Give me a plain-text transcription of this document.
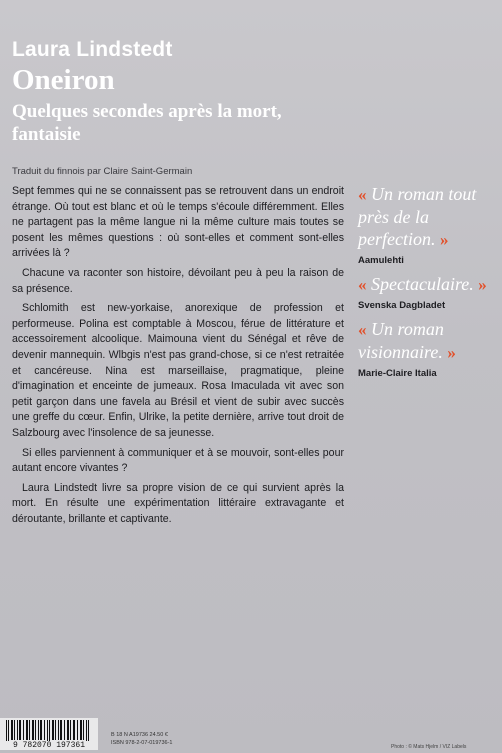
Laura Lindstedt
Oneiron
Quelques secondes après la mort, fantaisie
Traduit du finnois par Claire Saint-Germain

Sept femmes qui ne se connaissent pas se retrouvent dans un endroit étrange. Où tout est blanc et où le temps s'écoule différemment. Elles ne partagent pas la même langue ni la même culture mais toutes se posent les mêmes questions : où sont-elles et comment sont-elles arrivées là ?

Chacune va raconter son histoire, dévoilant peu à peu la raison de sa présence.

Schlomith est new-yorkaise, anorexique de profession et performeuse. Polina est comptable à Moscou, férue de littérature et accessoirement alcoolique. Maimouna vient du Sénégal et rêve de devenir mannequin. Wlbgis n'est pas grand-chose, si ce n'est retraitée et cancéreuse. Nina est marseillaise, pragmatique, pleine d'imagination et enceinte de jumeaux. Rosa Imaculada vit avec son petit garçon dans une favela au Brésil et vient de subir avec succès une greffe du cœur. Enfin, Ulrike, la petite dernière, arrive tout droit de Salzbourg avec l'insolence de sa jeunesse.

Si elles parviennent à communiquer et à se mouvoir, sont-elles pour autant encore vivantes ?

Laura Lindstedt livre sa propre vision de ce qui survient après la mort. En résulte une expérimentation littéraire extravagante et déroutante, brillante et captivante.

« Un roman tout près de la perfection. »
Aamulehti
« Spectaculaire. »
Svenska Dagbladet
« Un roman visionnaire. »
Marie-Claire Italia
9 782070 197361
B 18 N A19736 24.50 €
ISBN 978-2-07-019736-1
Photo : © Mats Hjelm / VIZ Labels
